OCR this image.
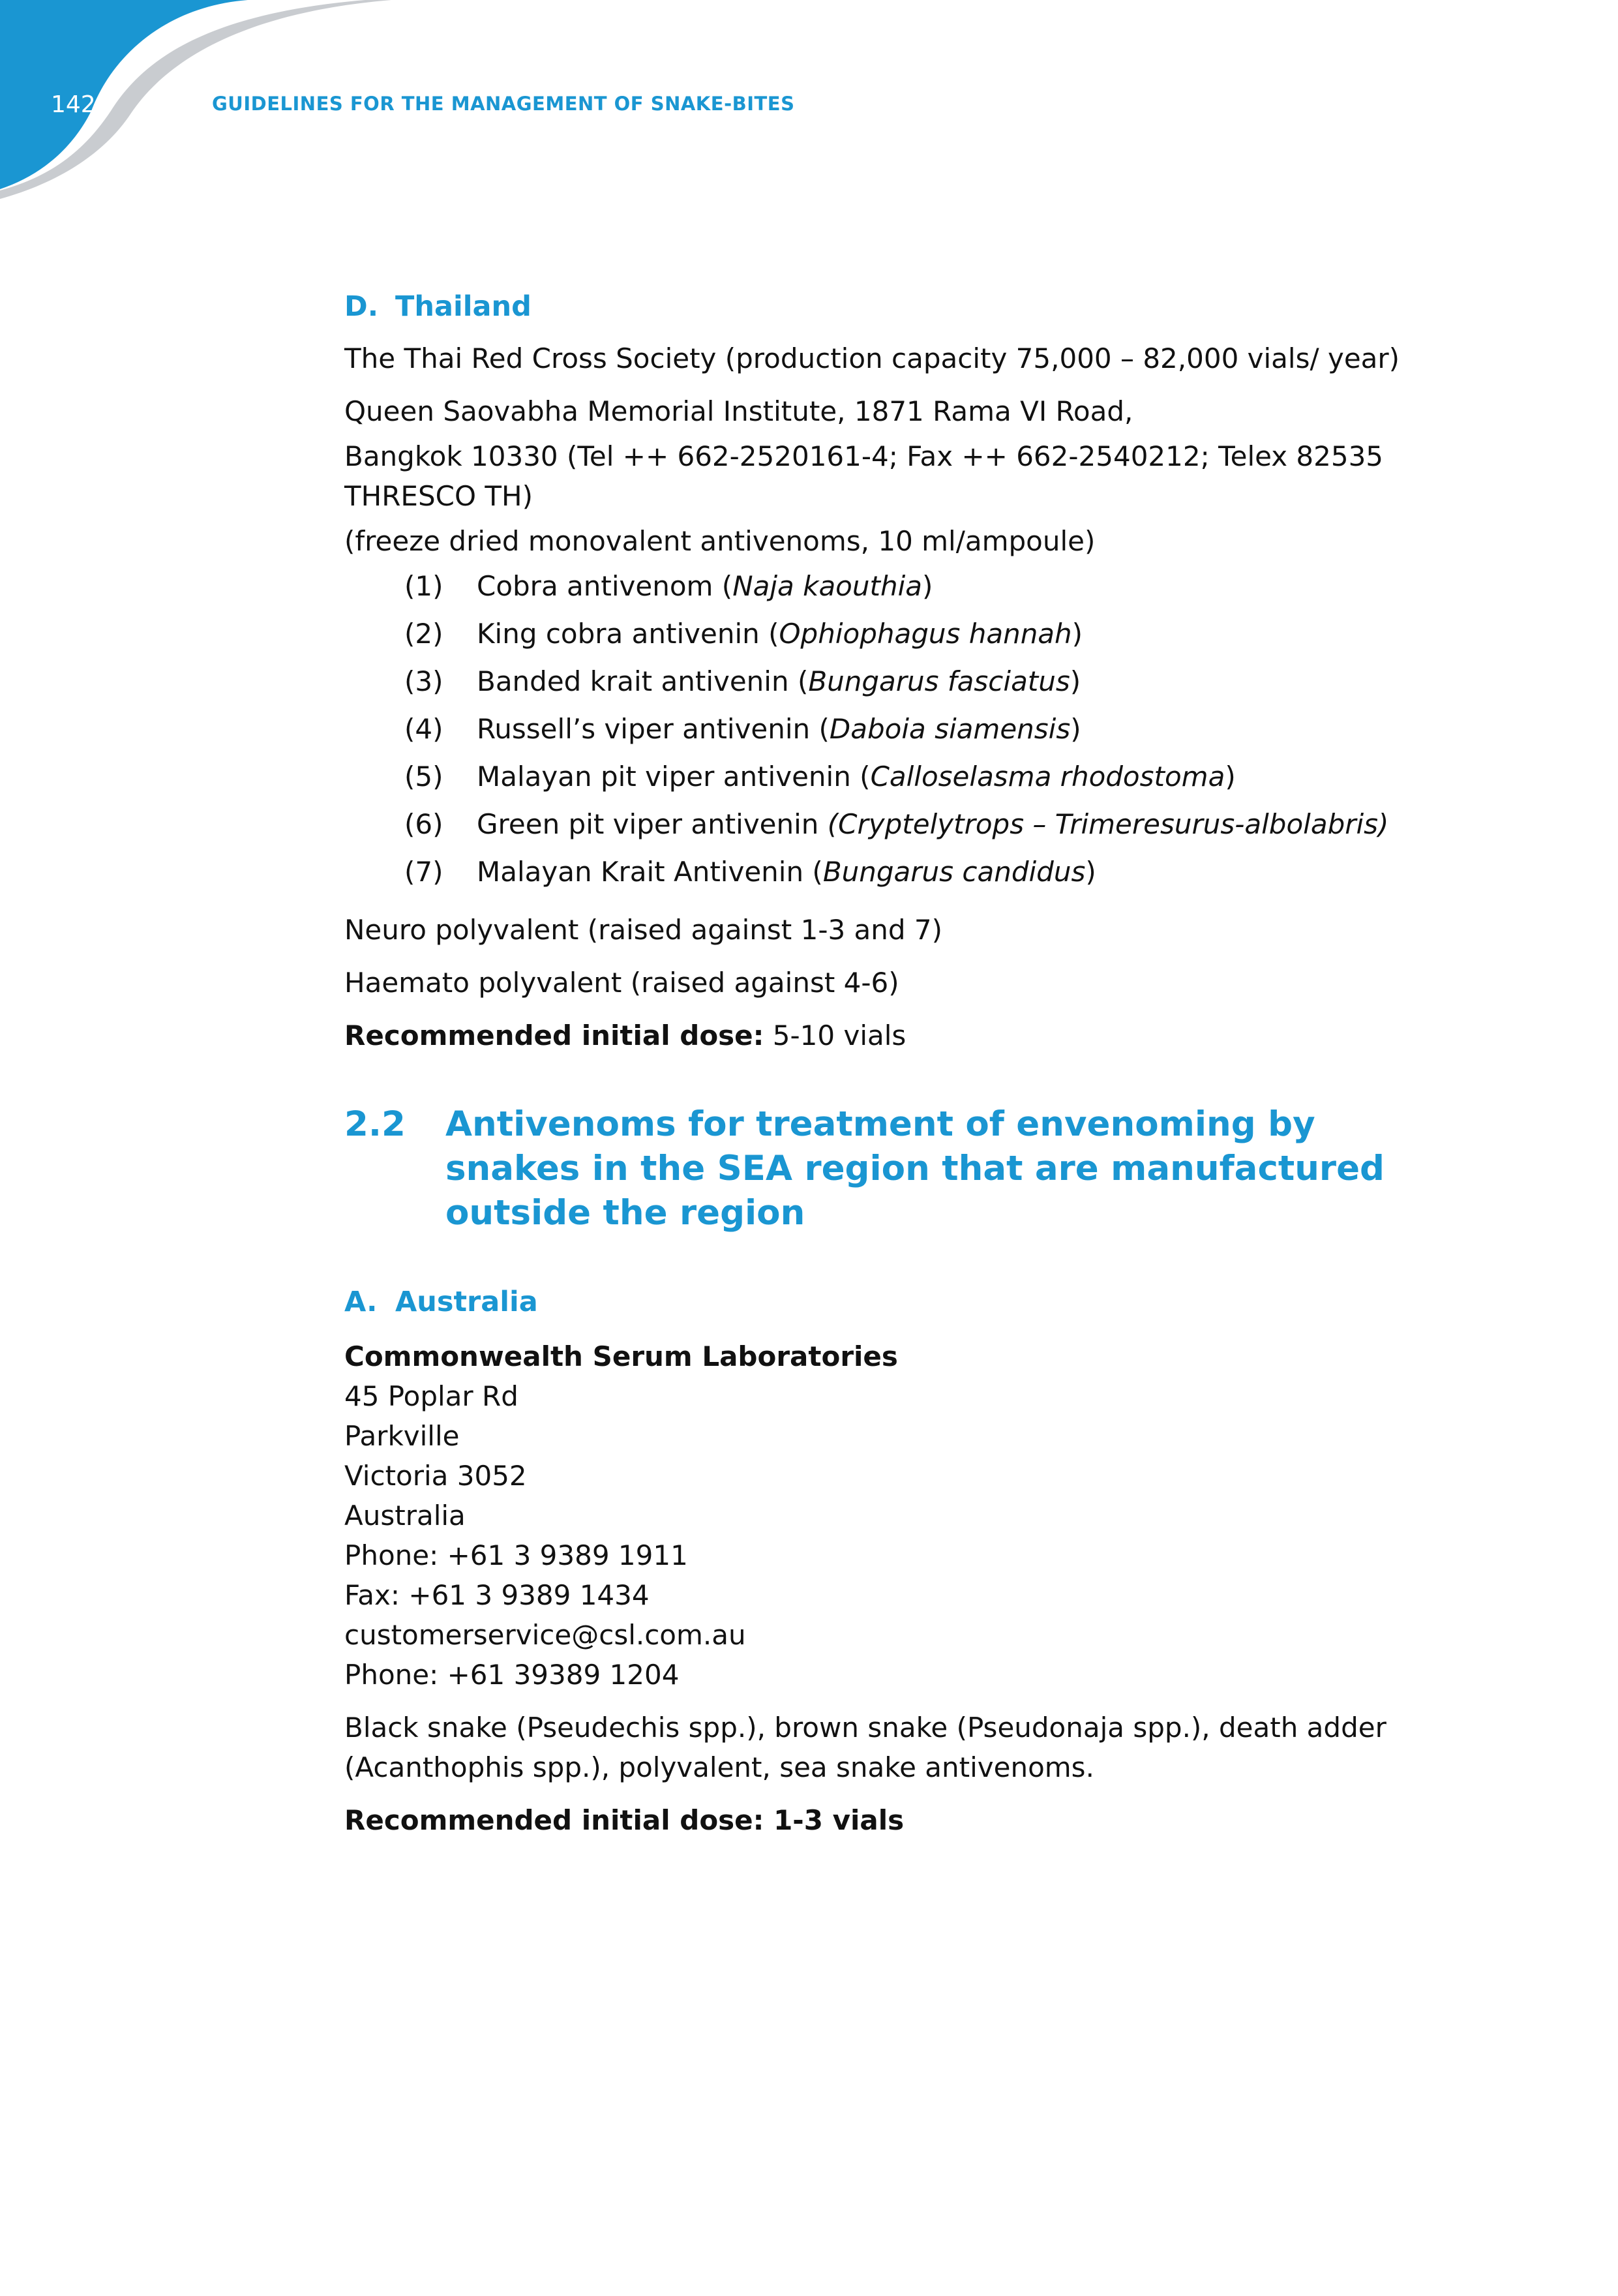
142	GUIDELINES FOR THE MANAGEMENT OF SNAKE-BITES
D. Thailand

The Thai Red Cross Society (production capacity 75,000 – 82,000 vials/ year)

Queen Saovabha Memorial Institute, 1871 Rama VI Road,

Bangkok 10330 (Tel ++ 662-2520161-4; Fax ++ 662-2540212; Telex 82535 THRESCO TH)

(freeze dried monovalent antivenoms, 10 ml/ampoule)

(1)	Cobra antivenom (Naja kaouthia)
(2)	King cobra antivenin (Ophiophagus hannah)
(3)	Banded krait antivenin (Bungarus fasciatus)
(4)	Russell’s viper antivenin (Daboia siamensis)
(5)	Malayan pit viper antivenin (Calloselasma rhodostoma)
(6)	Green pit viper antivenin (Cryptelytrops – Trimeresurus-albolabris)
(7)	Malayan Krait Antivenin (Bungarus candidus)

Neuro polyvalent (raised against 1-3 and 7)

Haemato polyvalent (raised against 4-6)

Recommended initial dose: 5-10 vials

2.2	Antivenoms for treatment of envenoming by snakes in the SEA region that are manufactured outside the region
A. Australia
Commonwealth Serum Laboratories
45 Poplar Rd
Parkville
Victoria 3052
Australia
Phone: +61 3 9389 1911
Fax: +61 3 9389 1434
customerservice@csl.com.au
Phone: +61 39389 1204

Black snake (Pseudechis spp.), brown snake (Pseudonaja spp.), death adder (Acanthophis spp.), polyvalent, sea snake antivenoms.

Recommended initial dose: 1-3 vials
